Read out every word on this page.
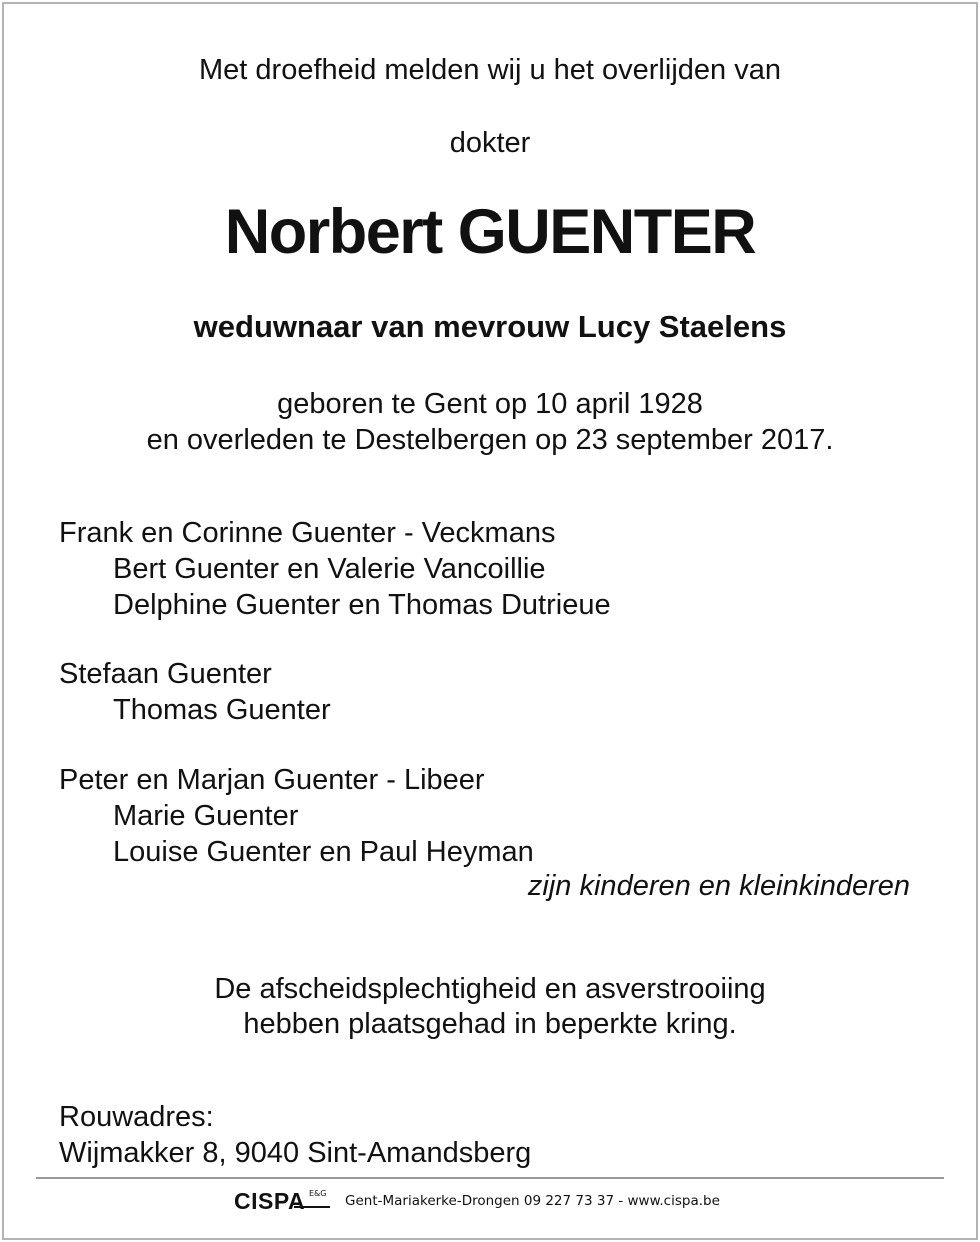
Met droefheid melden wij u het overlijden van
dokter
Norbert GUENTER
weduwnaar van mevrouw Lucy Staelens
geboren te Gent op 10 april 1928
en overleden te Destelbergen op 23 september 2017.
Frank en Corinne Guenter - Veckmans
Bert Guenter en Valerie Vancoillie
Delphine Guenter en Thomas Dutrieue
Stefaan Guenter
Thomas Guenter
Peter en Marjan Guenter - Libeer
Marie Guenter
Louise Guenter en Paul Heyman
zijn kinderen en kleinkinderen
De afscheidsplechtigheid en asverstrooiing
hebben plaatsgehad in beperkte kring.
Rouwadres:
Wijmakker 8, 9040 Sint-Amandsberg
CISPA E&G Gent-Mariakerke-Drongen 09 227 73 37 - www.cispa.be
